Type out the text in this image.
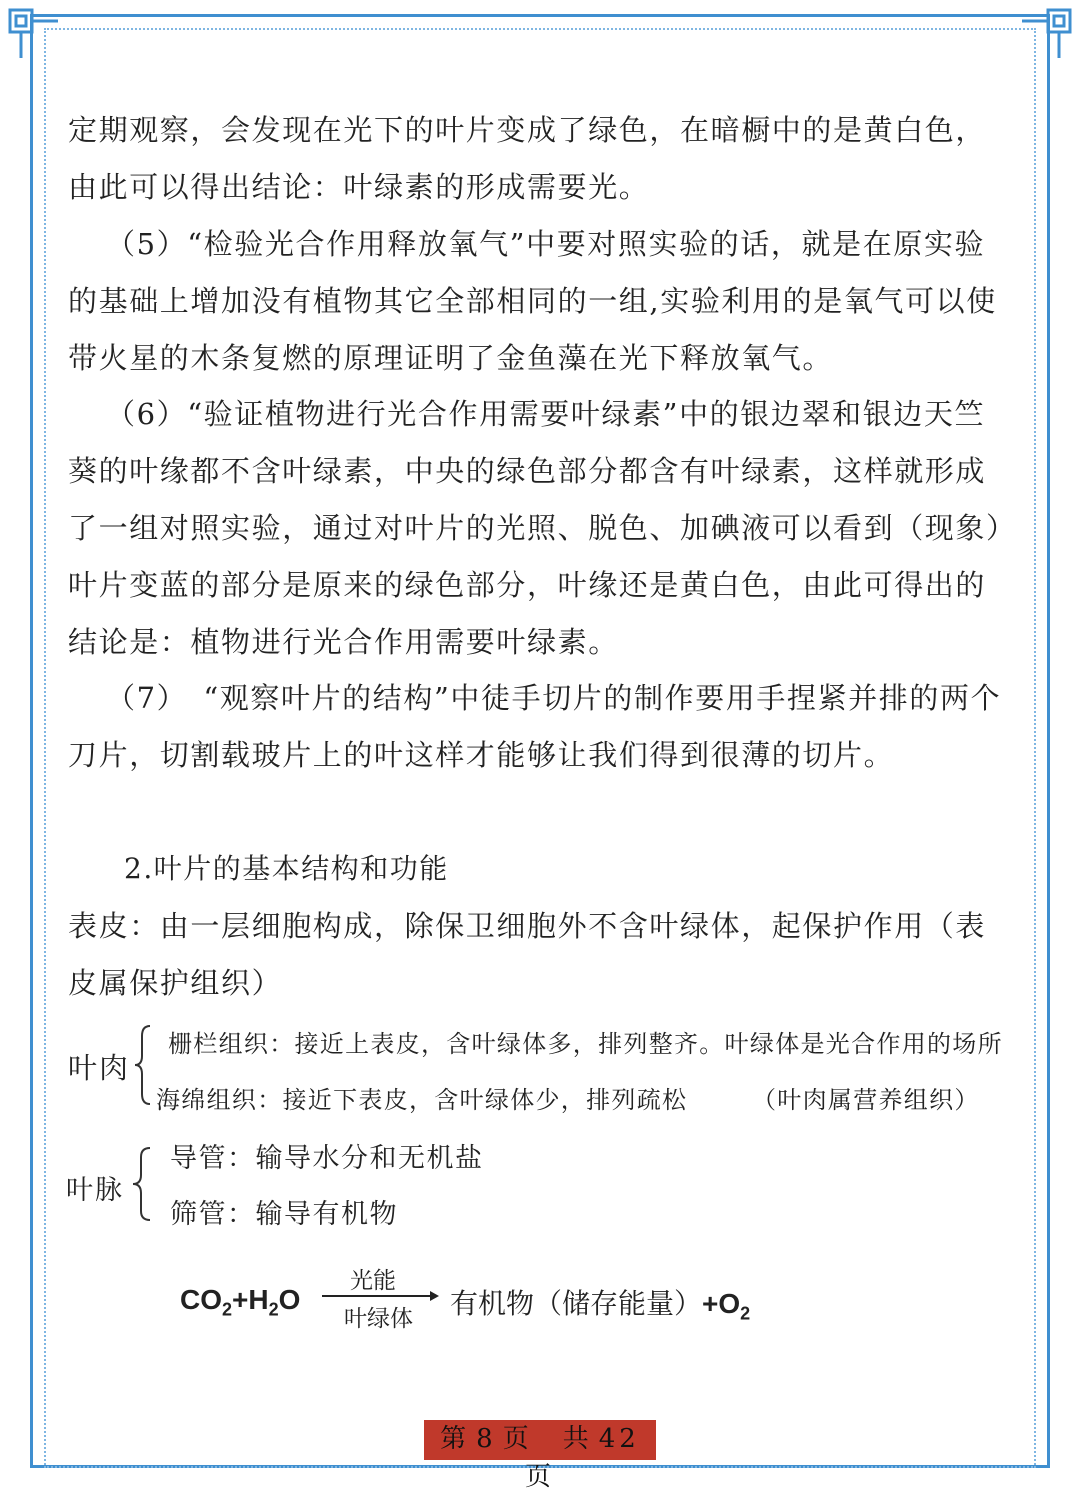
定期观察，会发现在光下的叶片变成了绿色，在暗橱中的是黄白色，由此可以得出结论：叶绿素的形成需要光。

（5）“检验光合作用释放氧气”中要对照实验的话，就是在原实验的基础上增加没有植物其它全部相同的一组,实验利用的是氧气可以使带火星的木条复燃的原理证明了金鱼藻在光下释放氧气。

（6）“验证植物进行光合作用需要叶绿素”中的银边翠和银边天竺葵的叶缘都不含叶绿素，中央的绿色部分都含有叶绿素，这样就形成了一组对照实验，通过对叶片的光照、脱色、加碘液可以看到（现象）叶片变蓝的部分是原来的绿色部分，叶缘还是黄白色，由此可得出的结论是：植物进行光合作用需要叶绿素。

（7）　“观察叶片的结构”中徒手切片的制作要用手捏紧并排的两个刀片，切割载玻片上的叶这样才能够让我们得到很薄的切片。

2.叶片的基本结构和功能

表皮：由一层细胞构成，除保卫细胞外不含叶绿体，起保护作用（表皮属保护组织）

叶肉
栅栏组织：接近上表皮，含叶绿体多，排列整齐。叶绿体是光合作用的场所
海绵组织：接近下表皮，含叶绿体少，排列疏松	（叶肉属营养组织）
叶脉
导管：输导水分和无机盐
筛管：输导有机物
$CO_2+H_2O$
光能
叶绿体 有机物（储存能量）$+O_2$
第 8 页　共 42页
